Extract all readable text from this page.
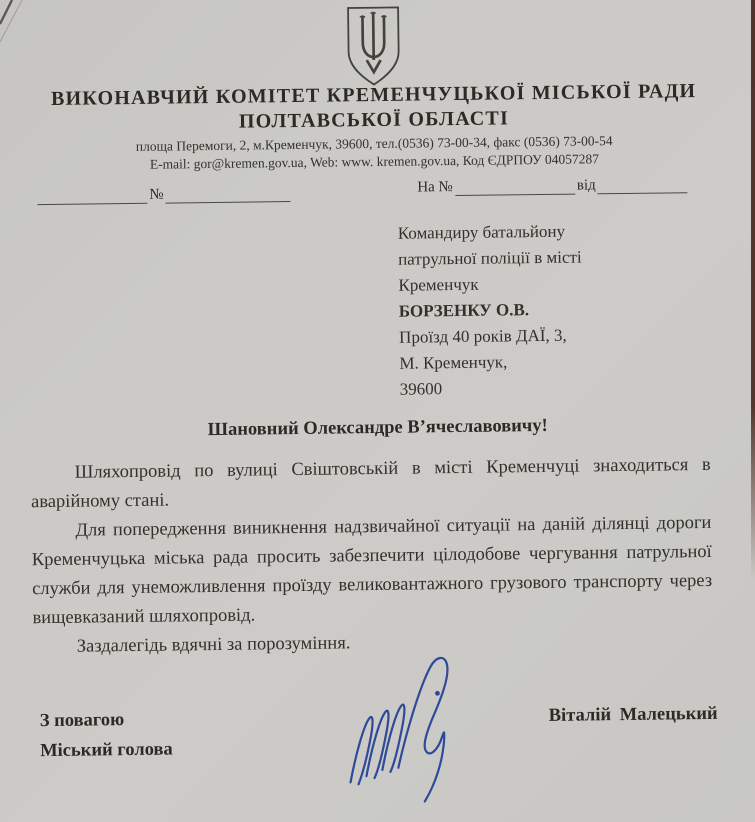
ВИКОНАВЧИЙ КОМІТЕТ КРЕМЕНЧУЦЬКОЇ МІСЬКОЇ РАДИ
ПОЛТАВСЬКОЇ ОБЛАСТІ
площа Перемоги, 2, м.Кременчук, 39600, тел.(0536) 73-00-34, факс (0536) 73-00-54
E-mail: gor@kremen.gov.ua, Web: www. kremen.gov.ua, Код ЄДРПОУ 04057287
№	На №	від
Командиру батальйону
патрульної поліції в місті
Кременчук
БОРЗЕНКУ О.В.
Проїзд 40 років ДАЇ, 3,
М. Кременчук,
39600
Шановний Олександре В’ячеславовичу!

Шляхопровід по вулиці Свіштовській в місті Кременчуці знаходиться в аварійному стані.

Для попередження виникнення надзвичайної ситуації на даній ділянці дороги Кременчуцька міська рада просить забезпечити цілодобове чергування патрульної служби для унеможливлення проїзду великовантажного грузового транспорту через вищевказаний шляхопровід.

Заздалегідь вдячні за порозуміння.

З повагою
Міський голова
Віталій Малецький
